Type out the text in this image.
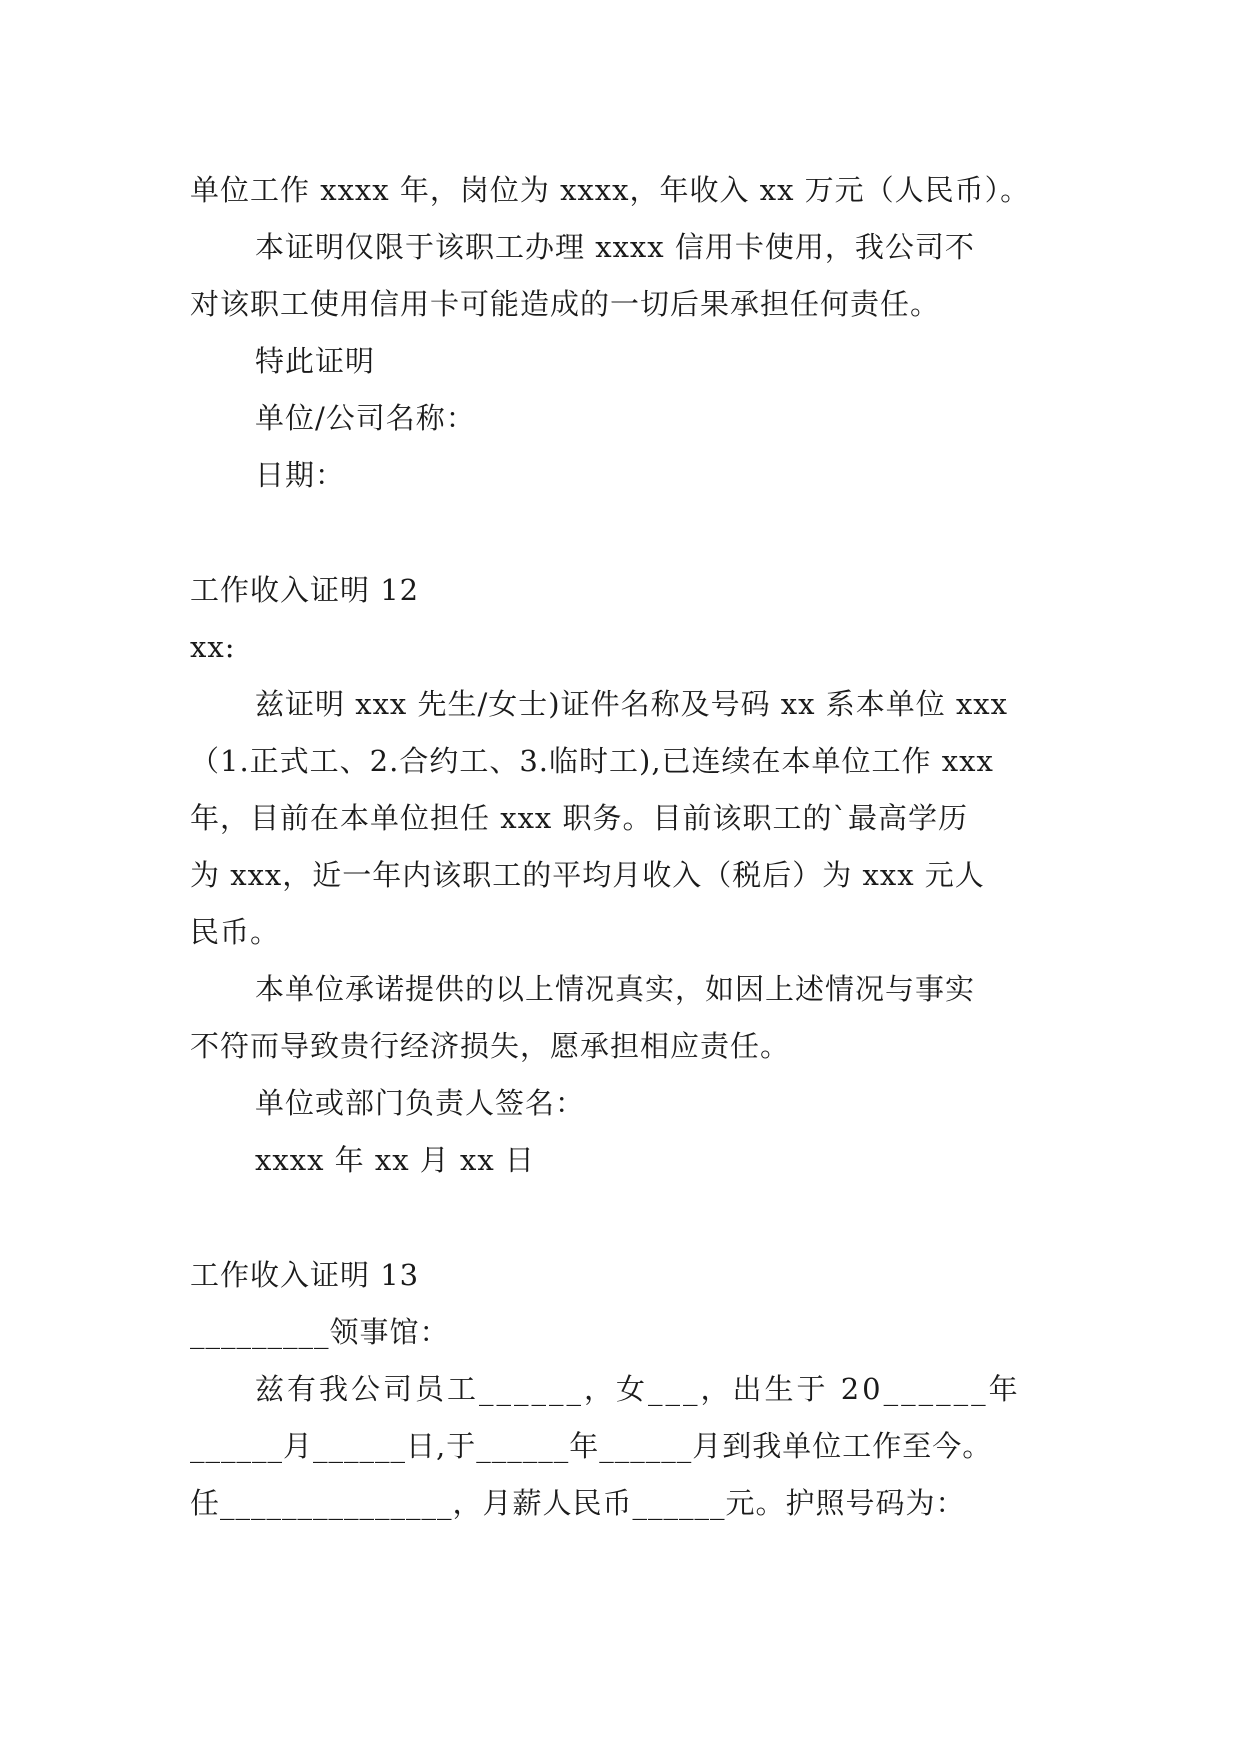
单位工作 xxxx 年，岗位为 xxxx，年收入 xx 万元（人民币）。
本证明仅限于该职工办理 xxxx 信用卡使用，我公司不
对该职工使用信用卡可能造成的一切后果承担任何责任。
特此证明
单位/公司名称：
日期：
工作收入证明 12
xx:
兹证明 xxx 先生/女士)证件名称及号码 xx 系本单位 xxx
（1.正式工、2.合约工、3.临时工),已连续在本单位工作 xxx
年，目前在本单位担任 xxx 职务。目前该职工的`最高学历
为 xxx，近一年内该职工的平均月收入（税后）为 xxx 元人
民币。
本单位承诺提供的以上情况真实，如因上述情况与事实
不符而导致贵行经济损失，愿承担相应责任。
单位或部门负责人签名：
xxxx 年 xx 月 xx 日
工作收入证明 13
_________领事馆：
兹有我公司员工______，女___，出生于 20______年
______月______日,于______年______月到我单位工作至今。
任_______________，月薪人民币______元。护照号码为：
